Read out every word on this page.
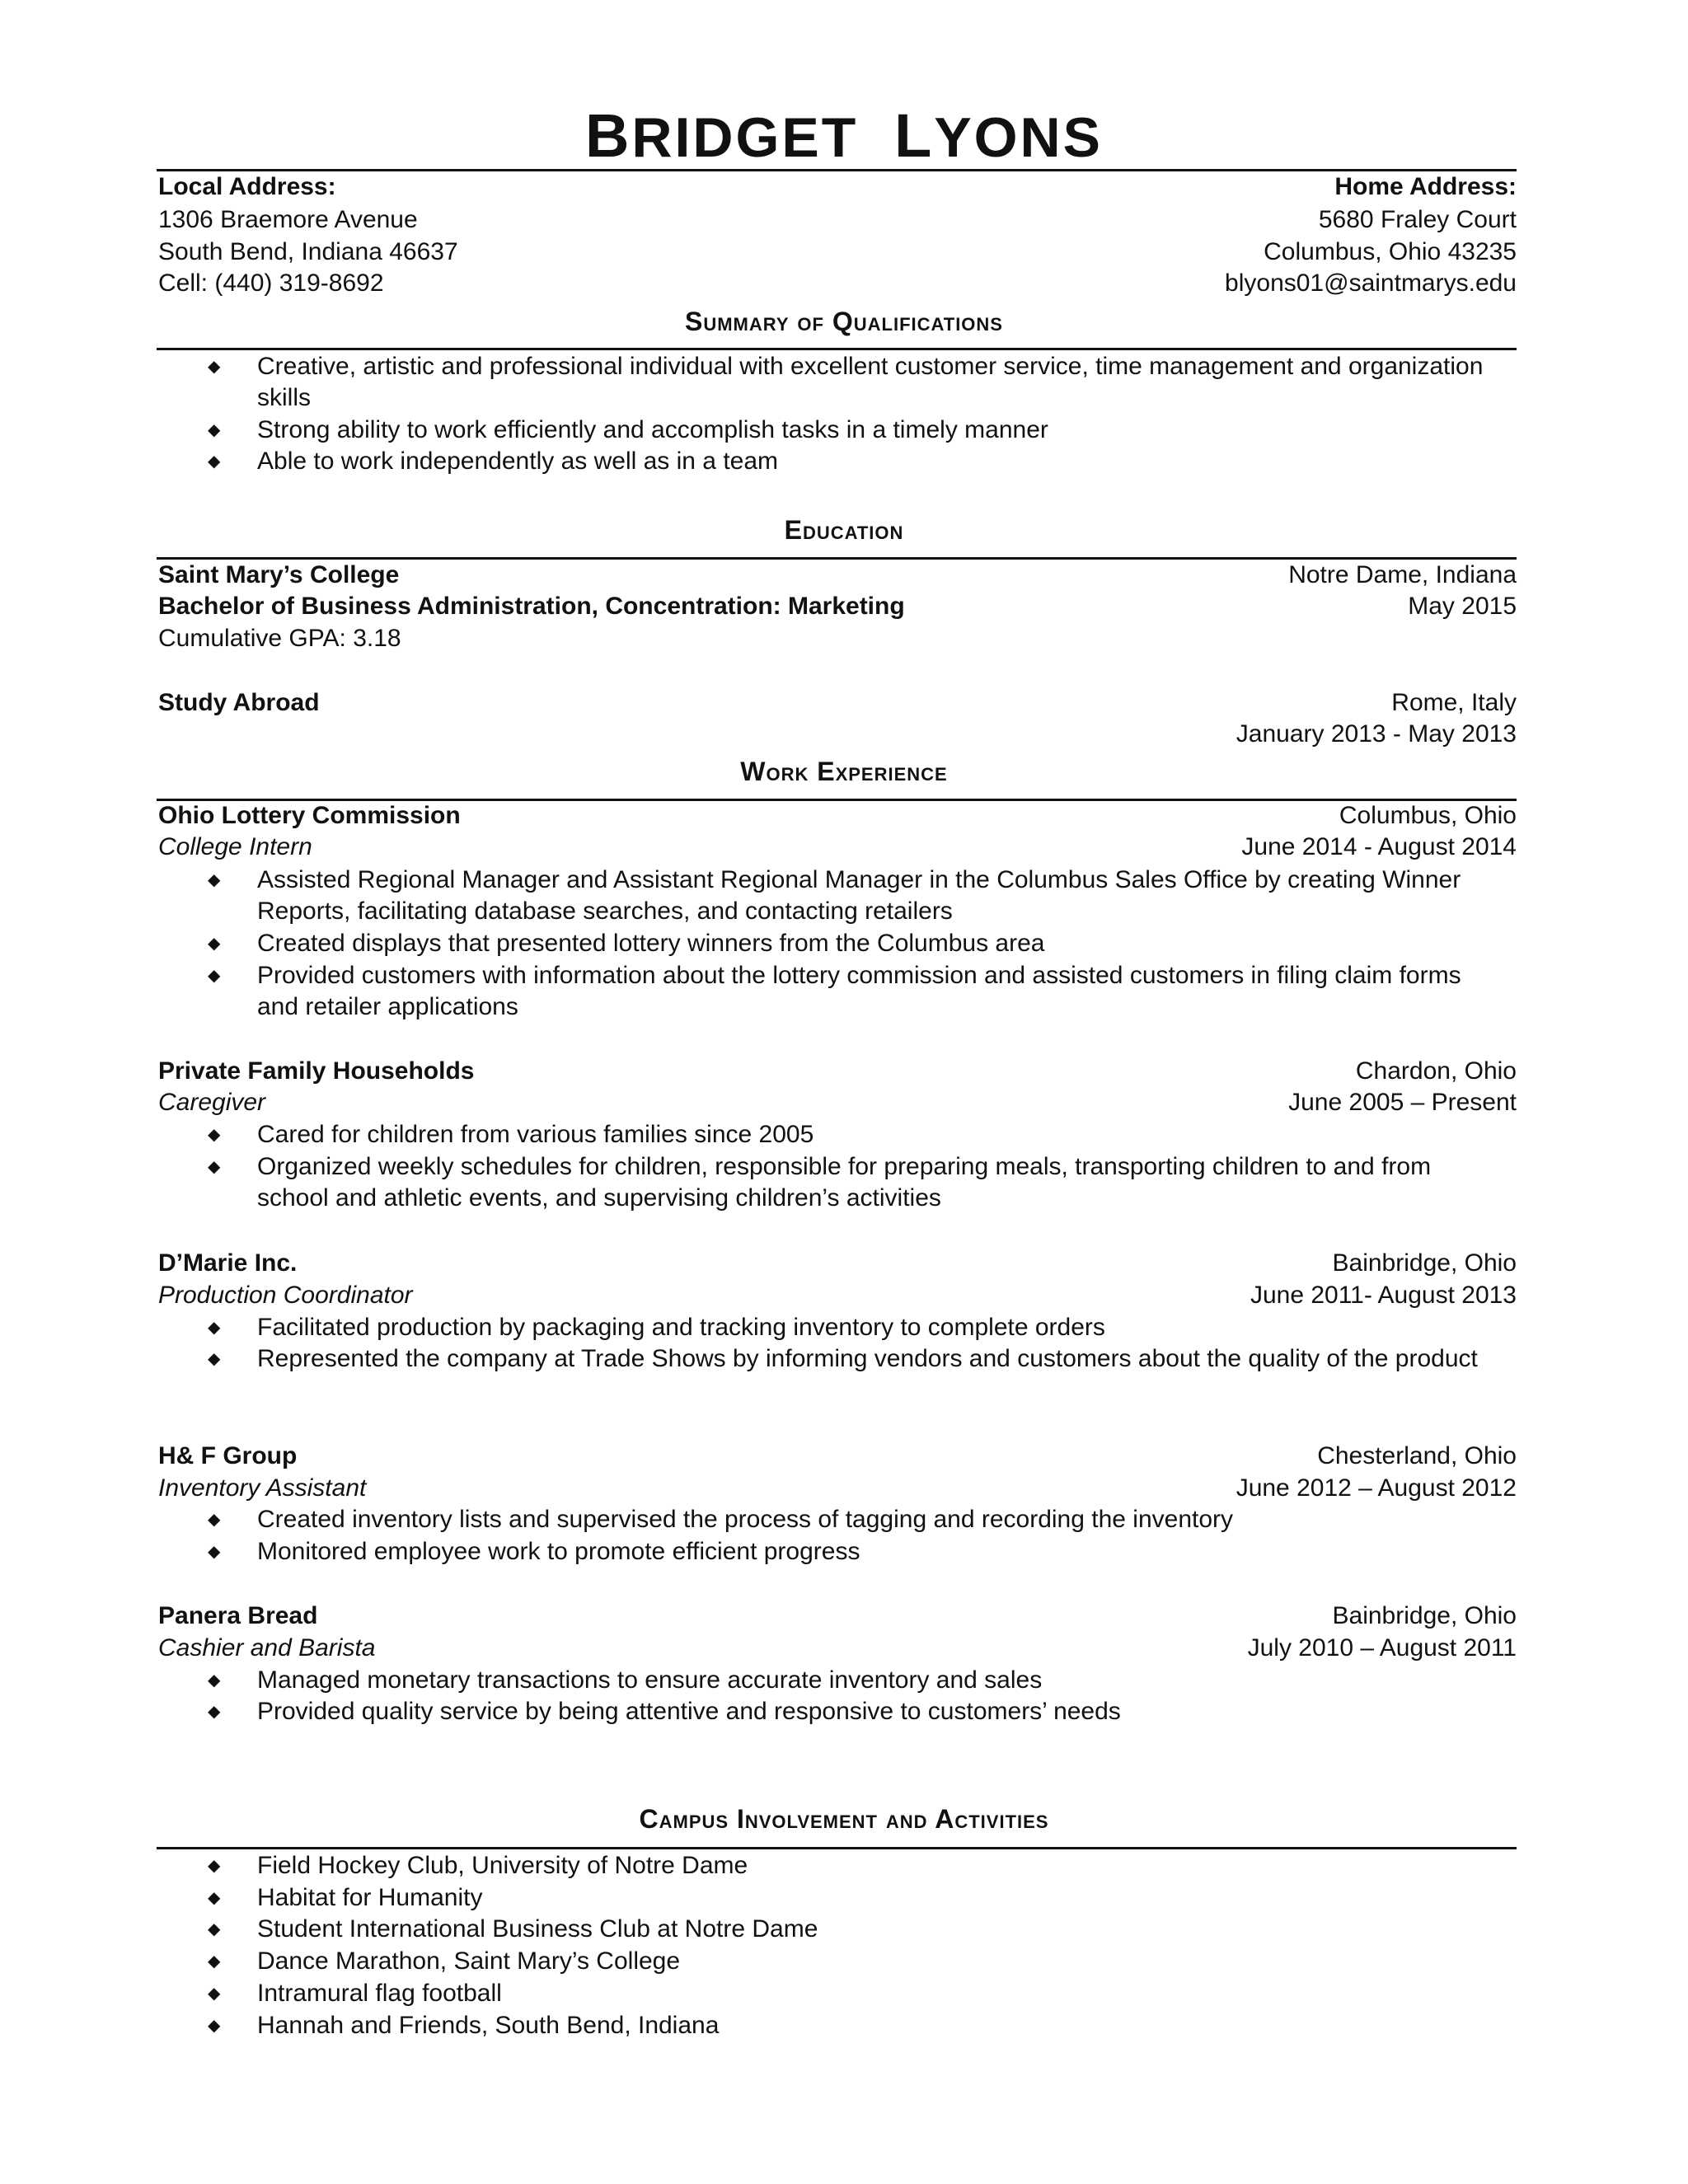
BRIDGET LYONS
Local Address:
1306 Braemore Avenue
South Bend, Indiana 46637
Cell: (440) 319-8692
Home Address:
5680 Fraley Court
Columbus, Ohio 43235
blyons01@saintmarys.edu
Summary of Qualifications
◆ Creative, artistic and professional individual with excellent customer service, time management and organization skills
◆ Strong ability to work efficiently and accomplish tasks in a timely manner
◆ Able to work independently as well as in a team
Education
Saint Mary’s College	Notre Dame, Indiana
Bachelor of Business Administration, Concentration: Marketing	May 2015
Cumulative GPA: 3.18
Study Abroad	Rome, Italy
January 2013 - May 2013
Work Experience
Ohio Lottery Commission	Columbus, Ohio
College Intern	June 2014 - August 2014
◆ Assisted Regional Manager and Assistant Regional Manager in the Columbus Sales Office by creating Winner Reports, facilitating database searches, and contacting retailers
◆ Created displays that presented lottery winners from the Columbus area
◆ Provided customers with information about the lottery commission and assisted customers in filing claim forms and retailer applications
Private Family Households	Chardon, Ohio
Caregiver	June 2005 – Present
◆ Cared for children from various families since 2005
◆ Organized weekly schedules for children, responsible for preparing meals, transporting children to and from school and athletic events, and supervising children’s activities
D’Marie Inc.	Bainbridge, Ohio
Production Coordinator	June 2011- August 2013
◆ Facilitated production by packaging and tracking inventory to complete orders
◆ Represented the company at Trade Shows by informing vendors and customers about the quality of the product
H& F Group	Chesterland, Ohio
Inventory Assistant	June 2012 – August 2012
◆ Created inventory lists and supervised the process of tagging and recording the inventory
◆ Monitored employee work to promote efficient progress
Panera Bread	Bainbridge, Ohio
Cashier and Barista	July 2010 – August 2011
◆ Managed monetary transactions to ensure accurate inventory and sales
◆ Provided quality service by being attentive and responsive to customers’ needs
Campus Involvement and Activities
◆ Field Hockey Club, University of Notre Dame
◆ Habitat for Humanity
◆ Student International Business Club at Notre Dame
◆ Dance Marathon, Saint Mary’s College
◆ Intramural flag football
◆ Hannah and Friends, South Bend, Indiana
